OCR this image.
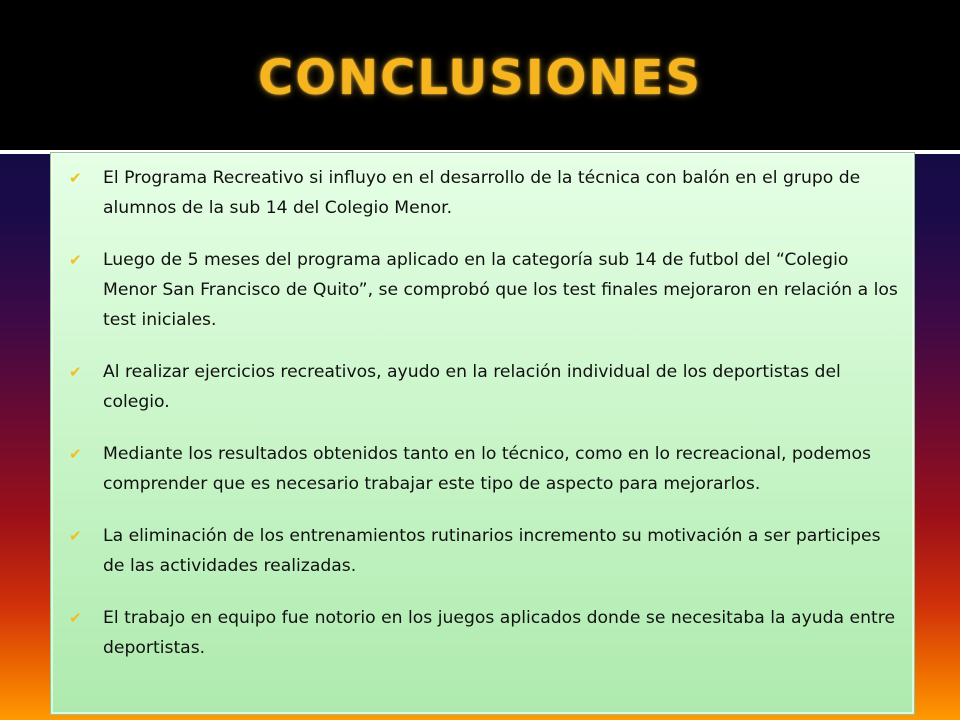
CONCLUSIONES
✔ El Programa Recreativo si influyo en el desarrollo de la técnica con balón en el grupo de alumnos de la sub 14 del Colegio Menor.
✔ Luego de 5 meses del programa aplicado en la categoría sub 14 de futbol del “Colegio Menor San Francisco de Quito”, se comprobó que los test finales mejoraron en relación a los test iniciales.
✔ Al realizar ejercicios recreativos, ayudo en la relación individual de los deportistas del colegio.
✔ Mediante los resultados obtenidos tanto en lo técnico, como en lo recreacional, podemos comprender que es necesario trabajar este tipo de aspecto para mejorarlos.
✔ La eliminación de los entrenamientos rutinarios incremento su motivación a ser participes de las actividades realizadas.
✔ El trabajo en equipo fue notorio en los juegos aplicados donde se necesitaba la ayuda entre deportistas.
